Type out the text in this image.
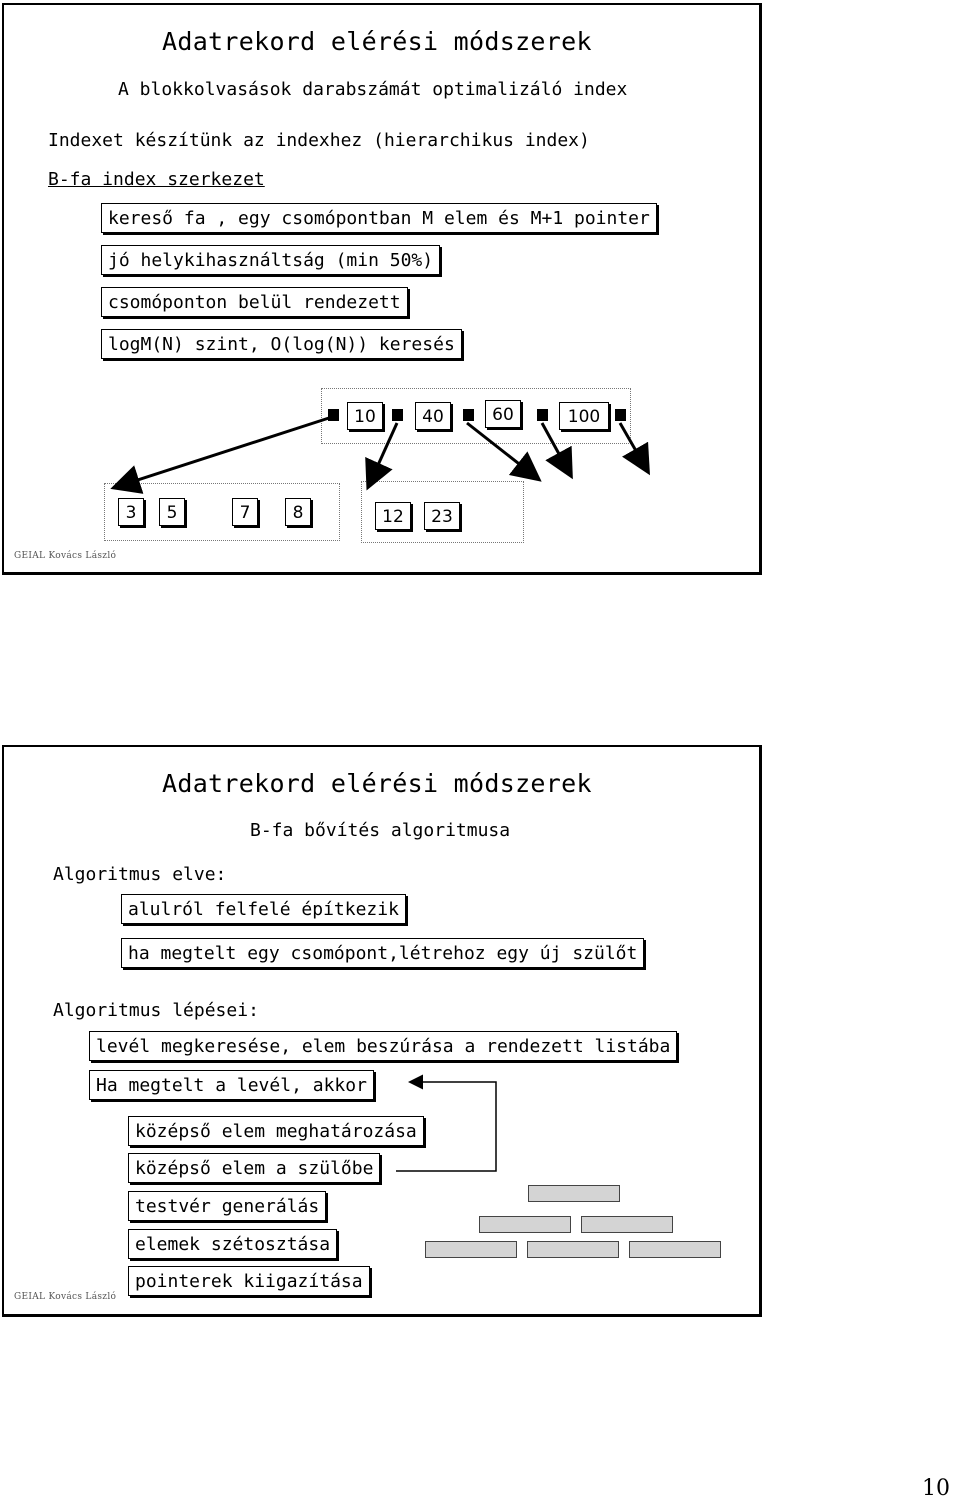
Adatrekord elérési módszerek
A blokkolvasások darabszámát optimalizáló index
Indexet készítünk az indexhez (hierarchikus index)
B-fa index szerkezet
kereső fa , egy csomópontban M elem és M+1 pointer
jó helykihasználtság (min 50%)
csomóponton belül rendezett
logM(N) szint, O(log(N)) keresés
10	40	60	100
3	5	7	8	12	23
GEIAL Kovács László
Adatrekord elérési módszerek
B-fa bővítés algoritmusa
Algoritmus elve:
alulról felfelé építkezik
ha megtelt egy csomópont,létrehoz egy új szülőt
Algoritmus lépései:
levél megkeresése, elem beszúrása a rendezett listába
Ha megtelt a levél, akkor
középső elem meghatározása
középső elem a szülőbe
testvér generálás
elemek szétosztása
pointerek kiigazítása
GEIAL Kovács László
10
